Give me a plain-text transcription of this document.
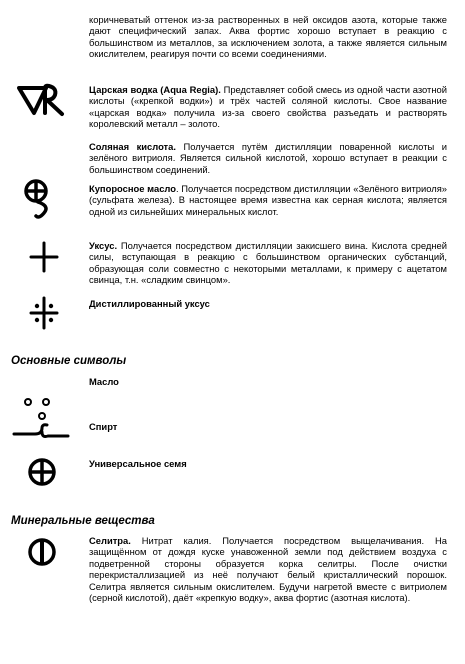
коричневатый оттенок из-за растворенных в ней оксидов азота, которые также дают специфический запах. Аква фортис хорошо вступает в реакцию с большинством из металлов, за исключением золота, а также является сильным окислителем, реагируя почти со всеми соединениями.

Царская водка (Aqua Regia). Представляет собой смесь из одной части азотной кислоты («крепкой водки») и трёх частей соляной кислоты. Свое название «царская водка» получила из-за своего свойства разъедать и растворять королевский металл – золото.

Соляная кислота. Получается путём дистилляции поваренной кислоты и зелёного витриоля. Является сильной кислотой, хорошо вступает в реакции с большинством соединений.

Купоросное масло. Получается посредством дистилляции «Зелёного витриоля» (сульфата железа). В настоящее время известна как серная кислота; является одной из сильнейших минеральных кислот.

Уксус. Получается посредством дистилляции закисшего вина. Кислота средней силы, вступающая в реакцию с большинством органических субстанций, образующая соли совместно с некоторыми металлами, к примеру с ацетатом свинца, т.н. «сладким свинцом».

Дистиллированный уксус

Основные символы

Масло

Спирт

Универсальное семя

Минеральные вещества

Селитра. Нитрат калия. Получается посредством выщелачивания. На защищённом от дождя куске унавоженной земли под действием воздуха с подветренной стороны образуется корка селитры. После очистки перекристаллизацией из неё получают белый кристаллический порошок. Селитра является сильным окислителем. Будучи нагретой вместе с витриолем (серной кислотой), даёт «крепкую водку», аква фортис (азотная кислота).
